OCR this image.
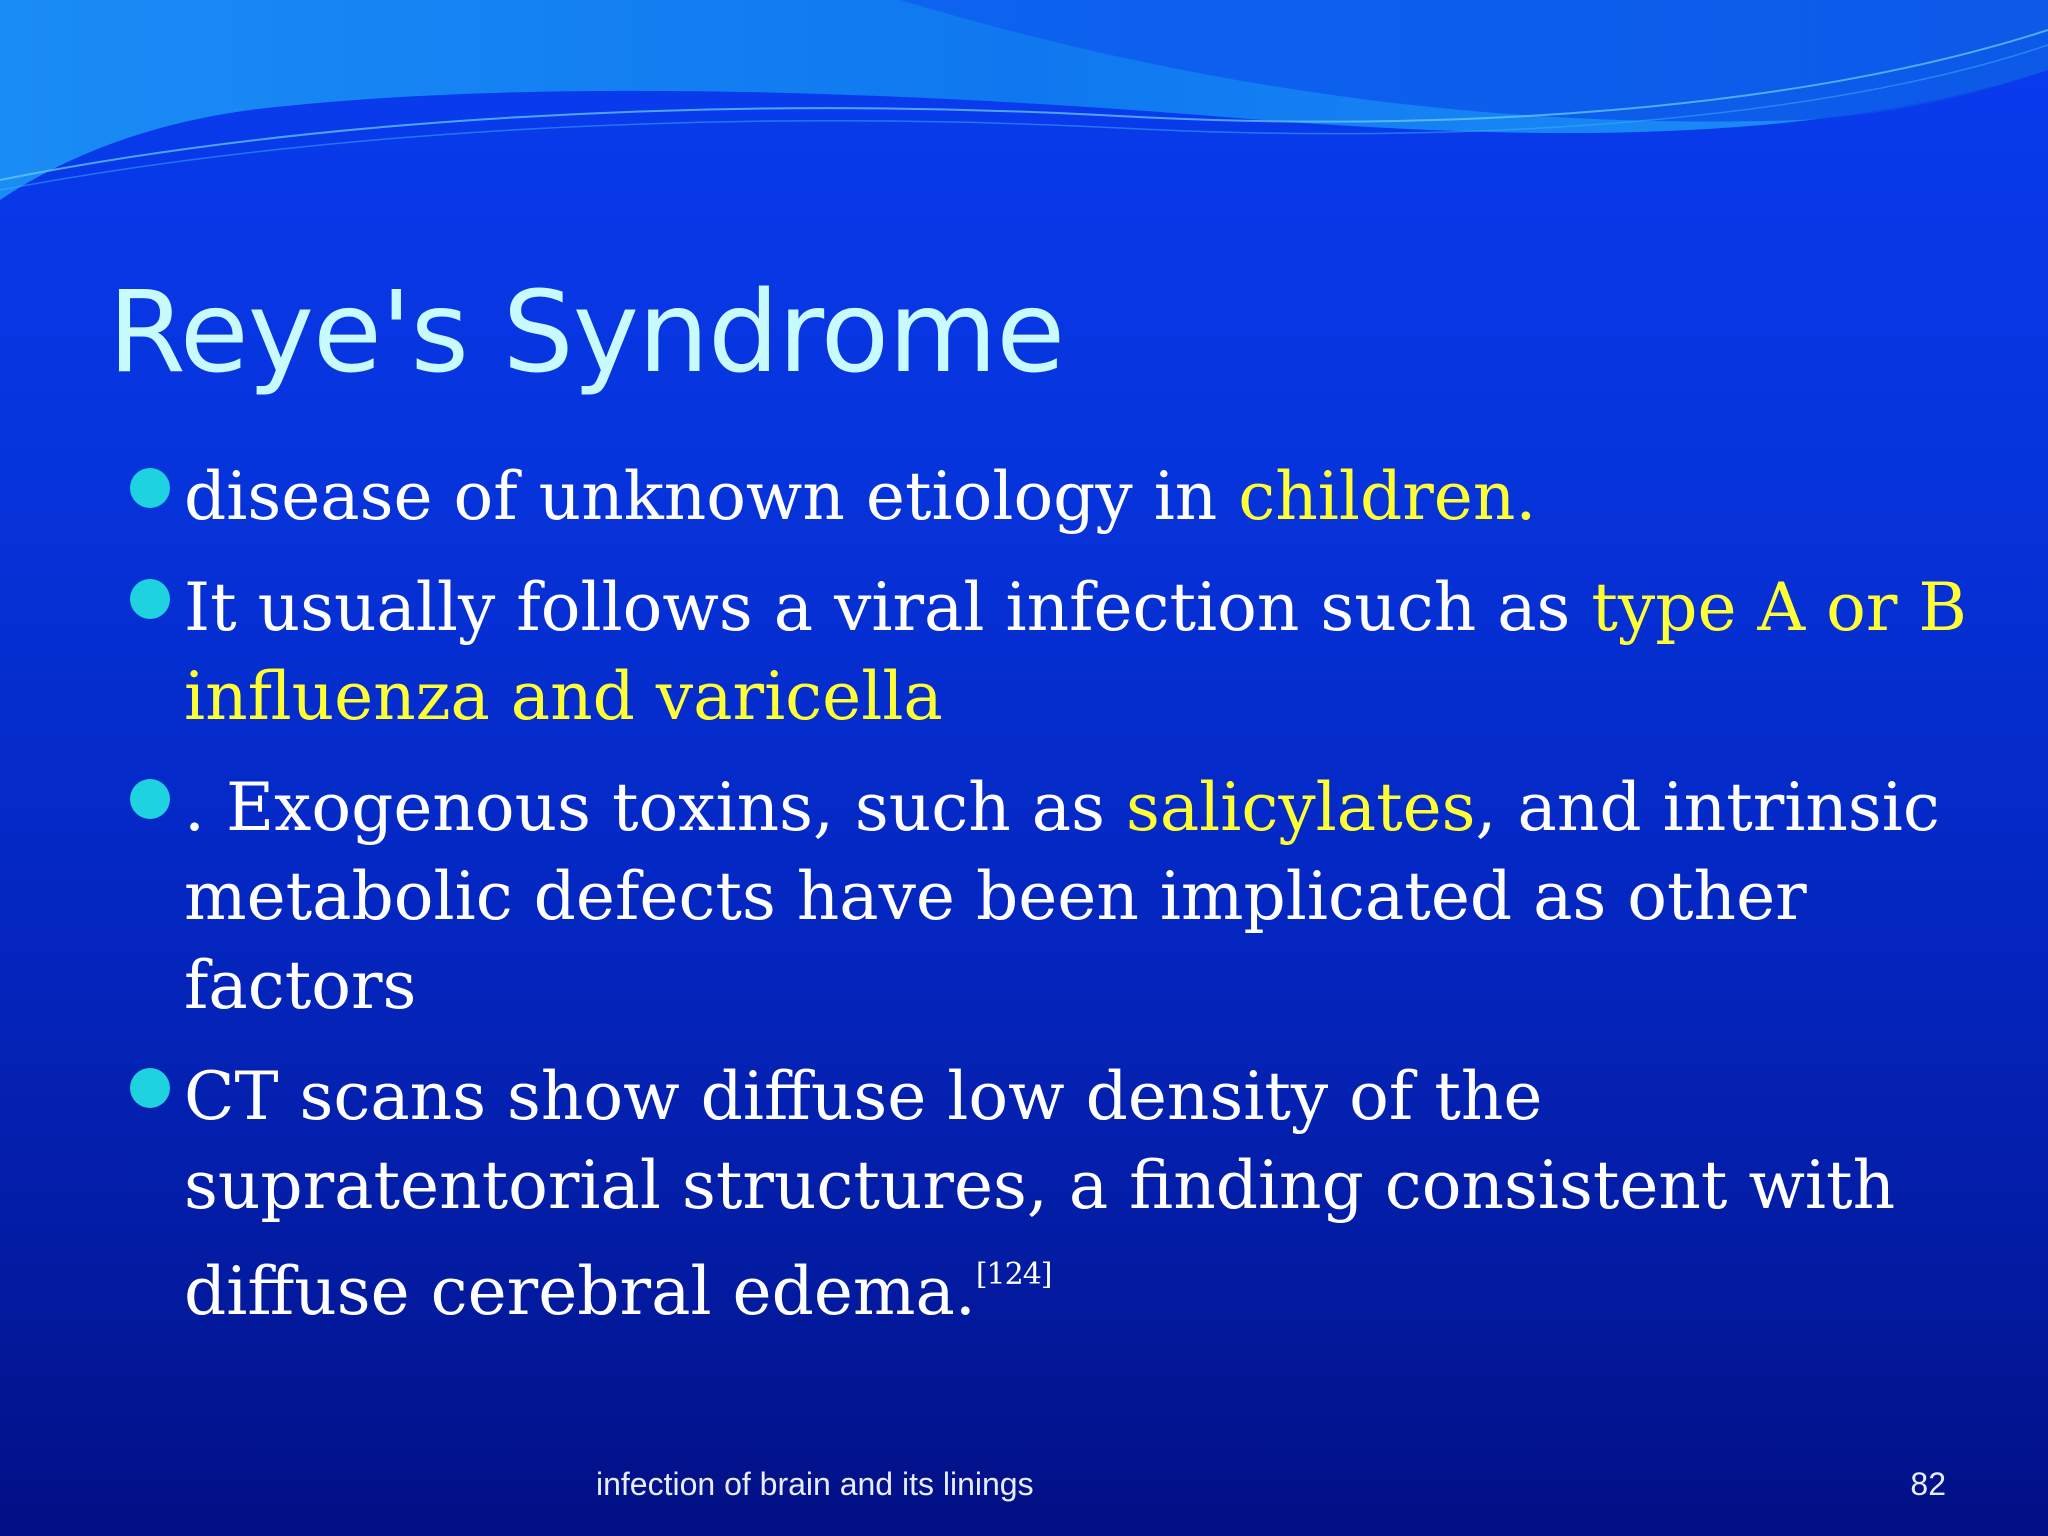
Reye's Syndrome
disease of unknown etiology in children.
It usually follows a viral infection such as type A or B influenza and varicella
. Exogenous toxins, such as salicylates, and intrinsic metabolic defects have been implicated as other factors
CT scans show diffuse low density of the supratentorial structures, a finding consistent with diffuse cerebral edema.[124]
infection of brain and its linings	82
